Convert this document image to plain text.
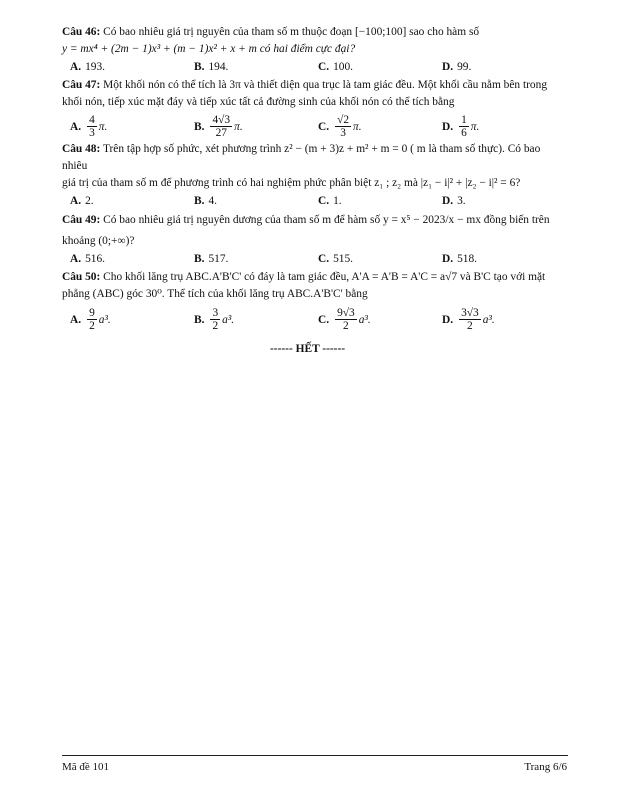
Câu 46: Có bao nhiêu giá trị nguyên của tham số m thuộc đoạn [−100;100] sao cho hàm số

y = mx⁴ + (2m − 1)x³ + (m − 1)x² + x + m có hai điểm cực đại?

A. 193.	B. 194.	C. 100.	D. 99.

Câu 47: Một khối nón có thể tích là 3π và thiết diện qua trục là tam giác đều. Một khối cầu nằm bên trong

khối nón, tiếp xúc mặt đáy và tiếp xúc tất cả đường sinh của khối nón có thể tích bằng

A. $\frac{4}{3} \pi$.	B. $\frac{4√3}{27} \pi$.	C. $\frac{√2}{3} \pi$.	D. $\frac{1}{6} \pi$.

Câu 48: Trên tập hợp số phức, xét phương trình z² − (m + 3)z + m² + m = 0 ( m là tham số thực). Có bao nhiêu

giá trị của tham số m để phương trình có hai nghiệm phức phân biệt z₁ ; z₂ mà |z₁ − i|² + |z₂ − i|² = 6?

A. 2.	B. 4.	C. 1.	D. 3.

Câu 49: Có bao nhiêu giá trị nguyên dương của tham số m để hàm số y = x⁵ − 2023/x − mx đồng biến trên

khoảng (0;+∞)?

A. 516.	B. 517.	C. 515.	D. 518.

Câu 50: Cho khối lăng trụ ABC.A'B'C' có đáy là tam giác đều, A'A = A'B = A'C = a√7 và B'C tạo với mặt

phẳng (ABC) góc 30⁰. Thể tích của khối lăng trụ ABC.A'B'C' bằng

A. $\frac{9}{2} a^3$.	B. $\frac{3}{2} a^3$.	C. $\frac{9√3}{2} a^3$.	D. $\frac{3√3}{2} a^3$.
------ HẾT ------
Mã đề 101	Trang 6/6
